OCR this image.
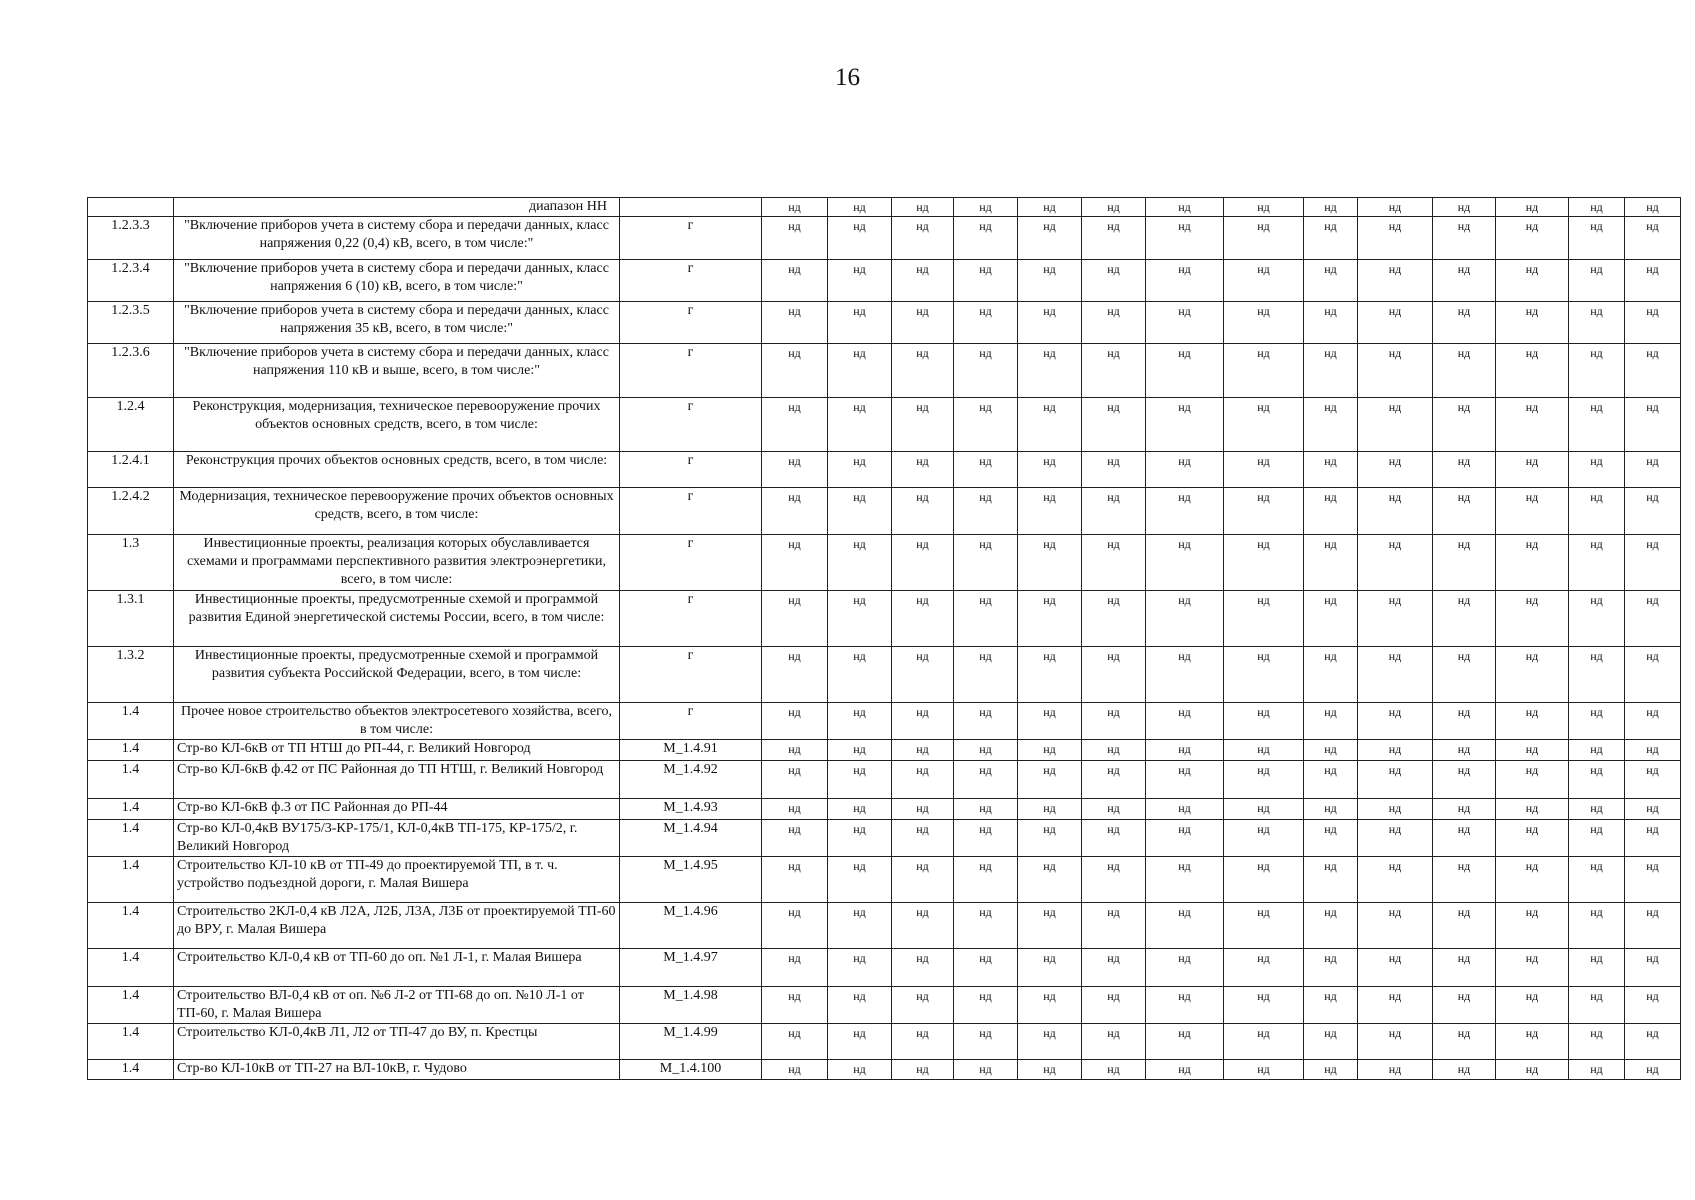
16
	диапазон НН		нд	нд	нд	нд	нд	нд	нд	нд	нд	нд	нд	нд	нд	нд
1.2.3.3	"Включение приборов учета в систему сбора и передачи данных, класс напряжения 0,22 (0,4) кВ, всего, в том числе:"	г	нд	нд	нд	нд	нд	нд	нд	нд	нд	нд	нд	нд	нд	нд
1.2.3.4	"Включение приборов учета в систему сбора и передачи данных, класс напряжения 6 (10) кВ, всего, в том числе:"	г	нд	нд	нд	нд	нд	нд	нд	нд	нд	нд	нд	нд	нд	нд
1.2.3.5	"Включение приборов учета в систему сбора и передачи данных, класс напряжения 35 кВ, всего, в том числе:"	г	нд	нд	нд	нд	нд	нд	нд	нд	нд	нд	нд	нд	нд	нд
1.2.3.6	"Включение приборов учета в систему сбора и передачи данных, класс напряжения 110 кВ и выше, всего, в том числе:"	г	нд	нд	нд	нд	нд	нд	нд	нд	нд	нд	нд	нд	нд	нд
1.2.4	Реконструкция, модернизация, техническое перевооружение прочих объектов основных средств, всего, в том числе:	г	нд	нд	нд	нд	нд	нд	нд	нд	нд	нд	нд	нд	нд	нд
1.2.4.1	Реконструкция прочих объектов основных средств, всего, в том числе:	г	нд	нд	нд	нд	нд	нд	нд	нд	нд	нд	нд	нд	нд	нд
1.2.4.2	Модернизация, техническое перевооружение прочих объектов основных средств, всего, в том числе:	г	нд	нд	нд	нд	нд	нд	нд	нд	нд	нд	нд	нд	нд	нд
1.3	Инвестиционные проекты, реализация которых обуславливается схемами и программами перспективного развития электроэнергетики, всего, в том числе:	г	нд	нд	нд	нд	нд	нд	нд	нд	нд	нд	нд	нд	нд	нд
1.3.1	Инвестиционные проекты, предусмотренные схемой и программой развития Единой энергетической системы России, всего, в том числе:	г	нд	нд	нд	нд	нд	нд	нд	нд	нд	нд	нд	нд	нд	нд
1.3.2	Инвестиционные проекты, предусмотренные схемой и программой развития субъекта Российской Федерации, всего, в том числе:	г	нд	нд	нд	нд	нд	нд	нд	нд	нд	нд	нд	нд	нд	нд
1.4	Прочее новое строительство объектов электросетевого хозяйства, всего, в том числе:	г	нд	нд	нд	нд	нд	нд	нд	нд	нд	нд	нд	нд	нд	нд
1.4	Стр-во КЛ-6кВ от ТП НТШ до РП-44, г. Великий Новгород	M_1.4.91	нд	нд	нд	нд	нд	нд	нд	нд	нд	нд	нд	нд	нд	нд
1.4	Стр-во КЛ-6кВ ф.42 от ПС Районная до ТП НТШ, г. Великий Новгород	M_1.4.92	нд	нд	нд	нд	нд	нд	нд	нд	нд	нд	нд	нд	нд	нд
1.4	Стр-во КЛ-6кВ ф.3 от ПС Районная до РП-44	M_1.4.93	нд	нд	нд	нд	нд	нд	нд	нд	нд	нд	нд	нд	нд	нд
1.4	Стр-во КЛ-0,4кВ ВУ175/3-КР-175/1, КЛ-0,4кВ ТП-175, КР-175/2, г. Великий Новгород	M_1.4.94	нд	нд	нд	нд	нд	нд	нд	нд	нд	нд	нд	нд	нд	нд
1.4	Строительство КЛ-10 кВ от ТП-49 до проектируемой ТП, в т. ч. устройство подъездной дороги, г. Малая Вишера	M_1.4.95	нд	нд	нд	нд	нд	нд	нд	нд	нд	нд	нд	нд	нд	нд
1.4	Строительство 2КЛ-0,4 кВ Л2А, Л2Б, Л3А, Л3Б от проектируемой ТП-60 до ВРУ, г. Малая Вишера	M_1.4.96	нд	нд	нд	нд	нд	нд	нд	нд	нд	нд	нд	нд	нд	нд
1.4	Строительство КЛ-0,4 кВ от ТП-60 до оп. №1 Л-1, г. Малая Вишера	M_1.4.97	нд	нд	нд	нд	нд	нд	нд	нд	нд	нд	нд	нд	нд	нд
1.4	Строительство ВЛ-0,4 кВ от оп. №6 Л-2 от ТП-68 до оп. №10 Л-1 от ТП-60, г. Малая Вишера	M_1.4.98	нд	нд	нд	нд	нд	нд	нд	нд	нд	нд	нд	нд	нд	нд
1.4	Строительство КЛ-0,4кВ Л1, Л2 от ТП-47 до ВУ, п. Крестцы	M_1.4.99	нд	нд	нд	нд	нд	нд	нд	нд	нд	нд	нд	нд	нд	нд
1.4	Стр-во КЛ-10кВ от ТП-27 на ВЛ-10кВ, г. Чудово	M_1.4.100	нд	нд	нд	нд	нд	нд	нд	нд	нд	нд	нд	нд	нд	нд
